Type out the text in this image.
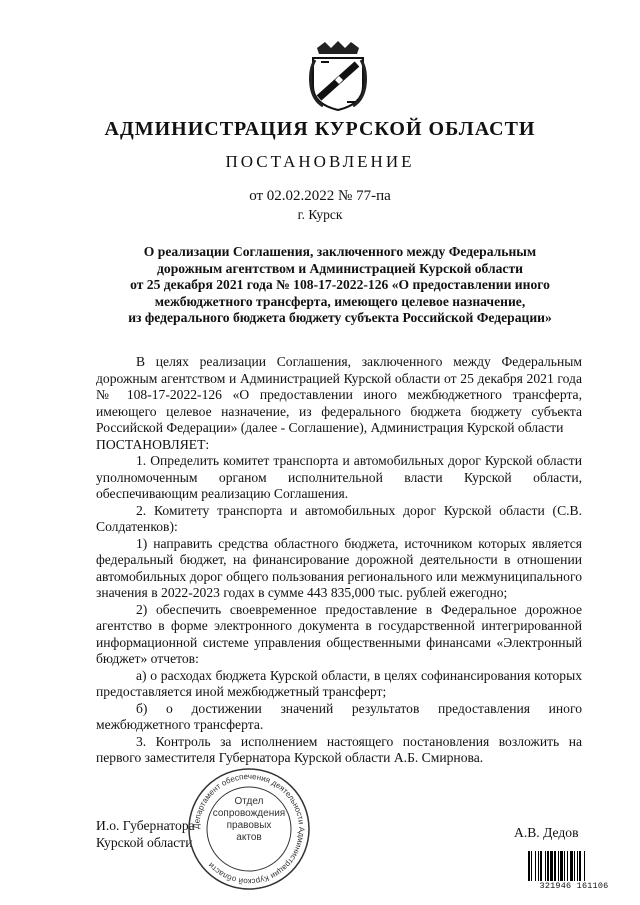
АДМИНИСТРАЦИЯ КУРСКОЙ ОБЛАСТИ
ПОСТАНОВЛЕНИЕ
от 02.02.2022 № 77-па
г. Курск
О реализации Соглашения, заключенного между Федеральным
дорожным агентством и Администрацией Курской области
от 25 декабря 2021 года № 108-17-2022-126 «О предоставлении иного
межбюджетного трансферта, имеющего целевое назначение,
из федерального бюджета бюджету субъекта Российской Федерации»

В целях реализации Соглашения, заключенного между Федеральным дорожным агентством и Администрацией Курской области от 25 декабря 2021 года № 108-17-2022-126 «О предоставлении иного межбюджетного трансферта, имеющего целевое назначение, из федерального бюджета бюджету субъекта Российской Федерации» (далее - Соглашение), Администрация Курской области

ПОСТАНОВЛЯЕТ:

1. Определить комитет транспорта и автомобильных дорог Курской области уполномоченным органом исполнительной власти Курской области, обеспечивающим реализацию Соглашения.

2. Комитету транспорта и автомобильных дорог Курской области (С.В. Солдатенков):

1) направить средства областного бюджета, источником которых является федеральный бюджет, на финансирование дорожной деятельности в отношении автомобильных дорог общего пользования регионального или межмуниципального значения в 2022-2023 годах в сумме 443 835,000 тыс. рублей ежегодно;

2) обеспечить своевременное предоставление в Федеральное дорожное агентство в форме электронного документа в государственной интегрированной информационной системе управления общественными финансами «Электронный бюджет» отчетов:

а) о расходах бюджета Курской области, в целях софинансирования которых предоставляется иной межбюджетный трансферт;

б) о достижении значений результатов предоставления иного межбюджетного трансферта.

3. Контроль за исполнением настоящего постановления возложить на первого заместителя Губернатора Курской области А.Б. Смирнова.

И.о. Губернатора
Курской области
А.В. Дедов
Департамент обеспечения деятельности Администрации Курской области
Отдел
сопровождения
правовых
актов
321946 161106
